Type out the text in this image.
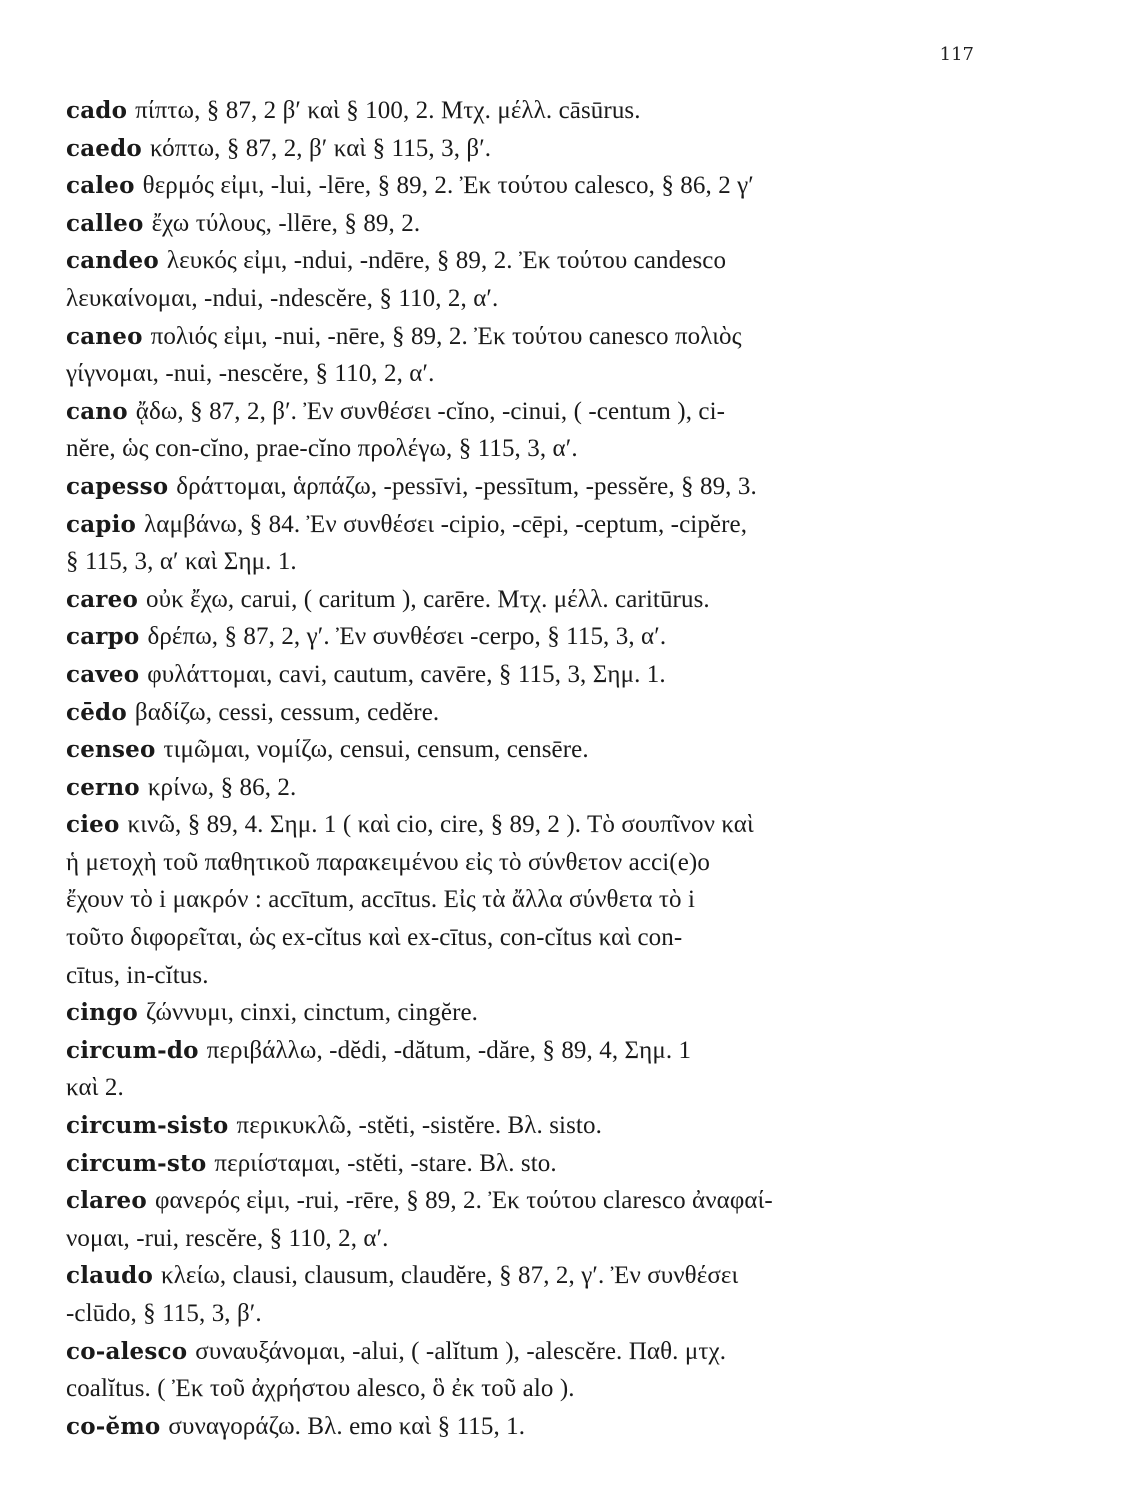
117
cado πίπτω, § 87, 2 β′ καὶ § 100, 2. Μτχ. μέλλ. cāsūrus.
caedo κόπτω, § 87, 2, β′ καὶ § 115, 3, β′.
caleo θερμός εἰμι, -lui, -lēre, § 89, 2. Ἐκ τούτου calesco, § 86, 2 γ′
calleo ἔχω τύλους, -llēre, § 89, 2.
candeo λευκός εἰμι, -ndui, -ndēre, § 89, 2. Ἐκ τούτου candesco
λευκαίνομαι, -ndui, -ndescĕre, § 110, 2, α′.
caneo πολιός εἰμι, -nui, -nēre, § 89, 2. Ἐκ τούτου canesco πολιὸς
γίγνομαι, -nui, -nescĕre, § 110, 2, α′.
cano ᾄδω, § 87, 2, β′. Ἐν συνθέσει -cĭno, -cinui, ( -centum ), ci-
nĕre, ὡς con-cĭno, prae-cĭno προλέγω, § 115, 3, α′.
capesso δράττομαι, ἁρπάζω, -pessīvi, -pessītum, -pessĕre, § 89, 3.
capio λαμβάνω, § 84. Ἐν συνθέσει -cipio, -cēpi, -ceptum, -cipĕre,
§ 115, 3, α′ καὶ Σημ. 1.
careo οὐκ ἔχω, carui, ( caritum ), carēre. Μτχ. μέλλ. caritūrus.
carpo δρέπω, § 87, 2, γ′. Ἐν συνθέσει -cerpo, § 115, 3, α′.
caveo φυλάττομαι, cavi, cautum, cavēre, § 115, 3, Σημ. 1.
cēdo βαδίζω, cessi, cessum, cedĕre.
censeo τιμῶμαι, νομίζω, censui, censum, censēre.
cerno κρίνω, § 86, 2.
cieo κινῶ, § 89, 4. Σημ. 1 ( καὶ cio, cire, § 89, 2 ). Τὸ σουπῖνον καὶ
ἡ μετοχὴ τοῦ παθητικοῦ παρακειμένου εἰς τὸ σύνθετον acci(e)o
ἔχουν τὸ i μακρόν : accītum, accītus. Εἰς τὰ ἄλλα σύνθετα τὸ i
τοῦτο διφορεῖται, ὡς ex-cĭtus καὶ ex-cītus, con-cĭtus καὶ con-
cītus, in-cĭtus.
cingo ζώννυμι, cinxi, cinctum, cingĕre.
circum-do περιβάλλω, -dĕdi, -dătum, -dăre, § 89, 4, Σημ. 1
καὶ 2.
circum-sisto περικυκλῶ, -stĕti, -sistĕre. Βλ. sisto.
circum-sto περιίσταμαι, -stĕti, -stare. Βλ. sto.
clareo φανερός εἰμι, -rui, -rēre, § 89, 2. Ἐκ τούτου claresco ἀναφαί-
νομαι, -rui, rescĕre, § 110, 2, α′.
claudo κλείω, clausi, clausum, claudĕre, § 87, 2, γ′. Ἐν συνθέσει
-clūdo, § 115, 3, β′.
co-alesco συναυξάνομαι, -alui, ( -alĭtum ), -alescĕre. Παθ. μτχ.
coalĭtus. ( Ἐκ τοῦ ἀχρήστου alesco, ὃ ἐκ τοῦ alo ).
co-ĕmo συναγοράζω. Βλ. emo καὶ § 115, 1.
